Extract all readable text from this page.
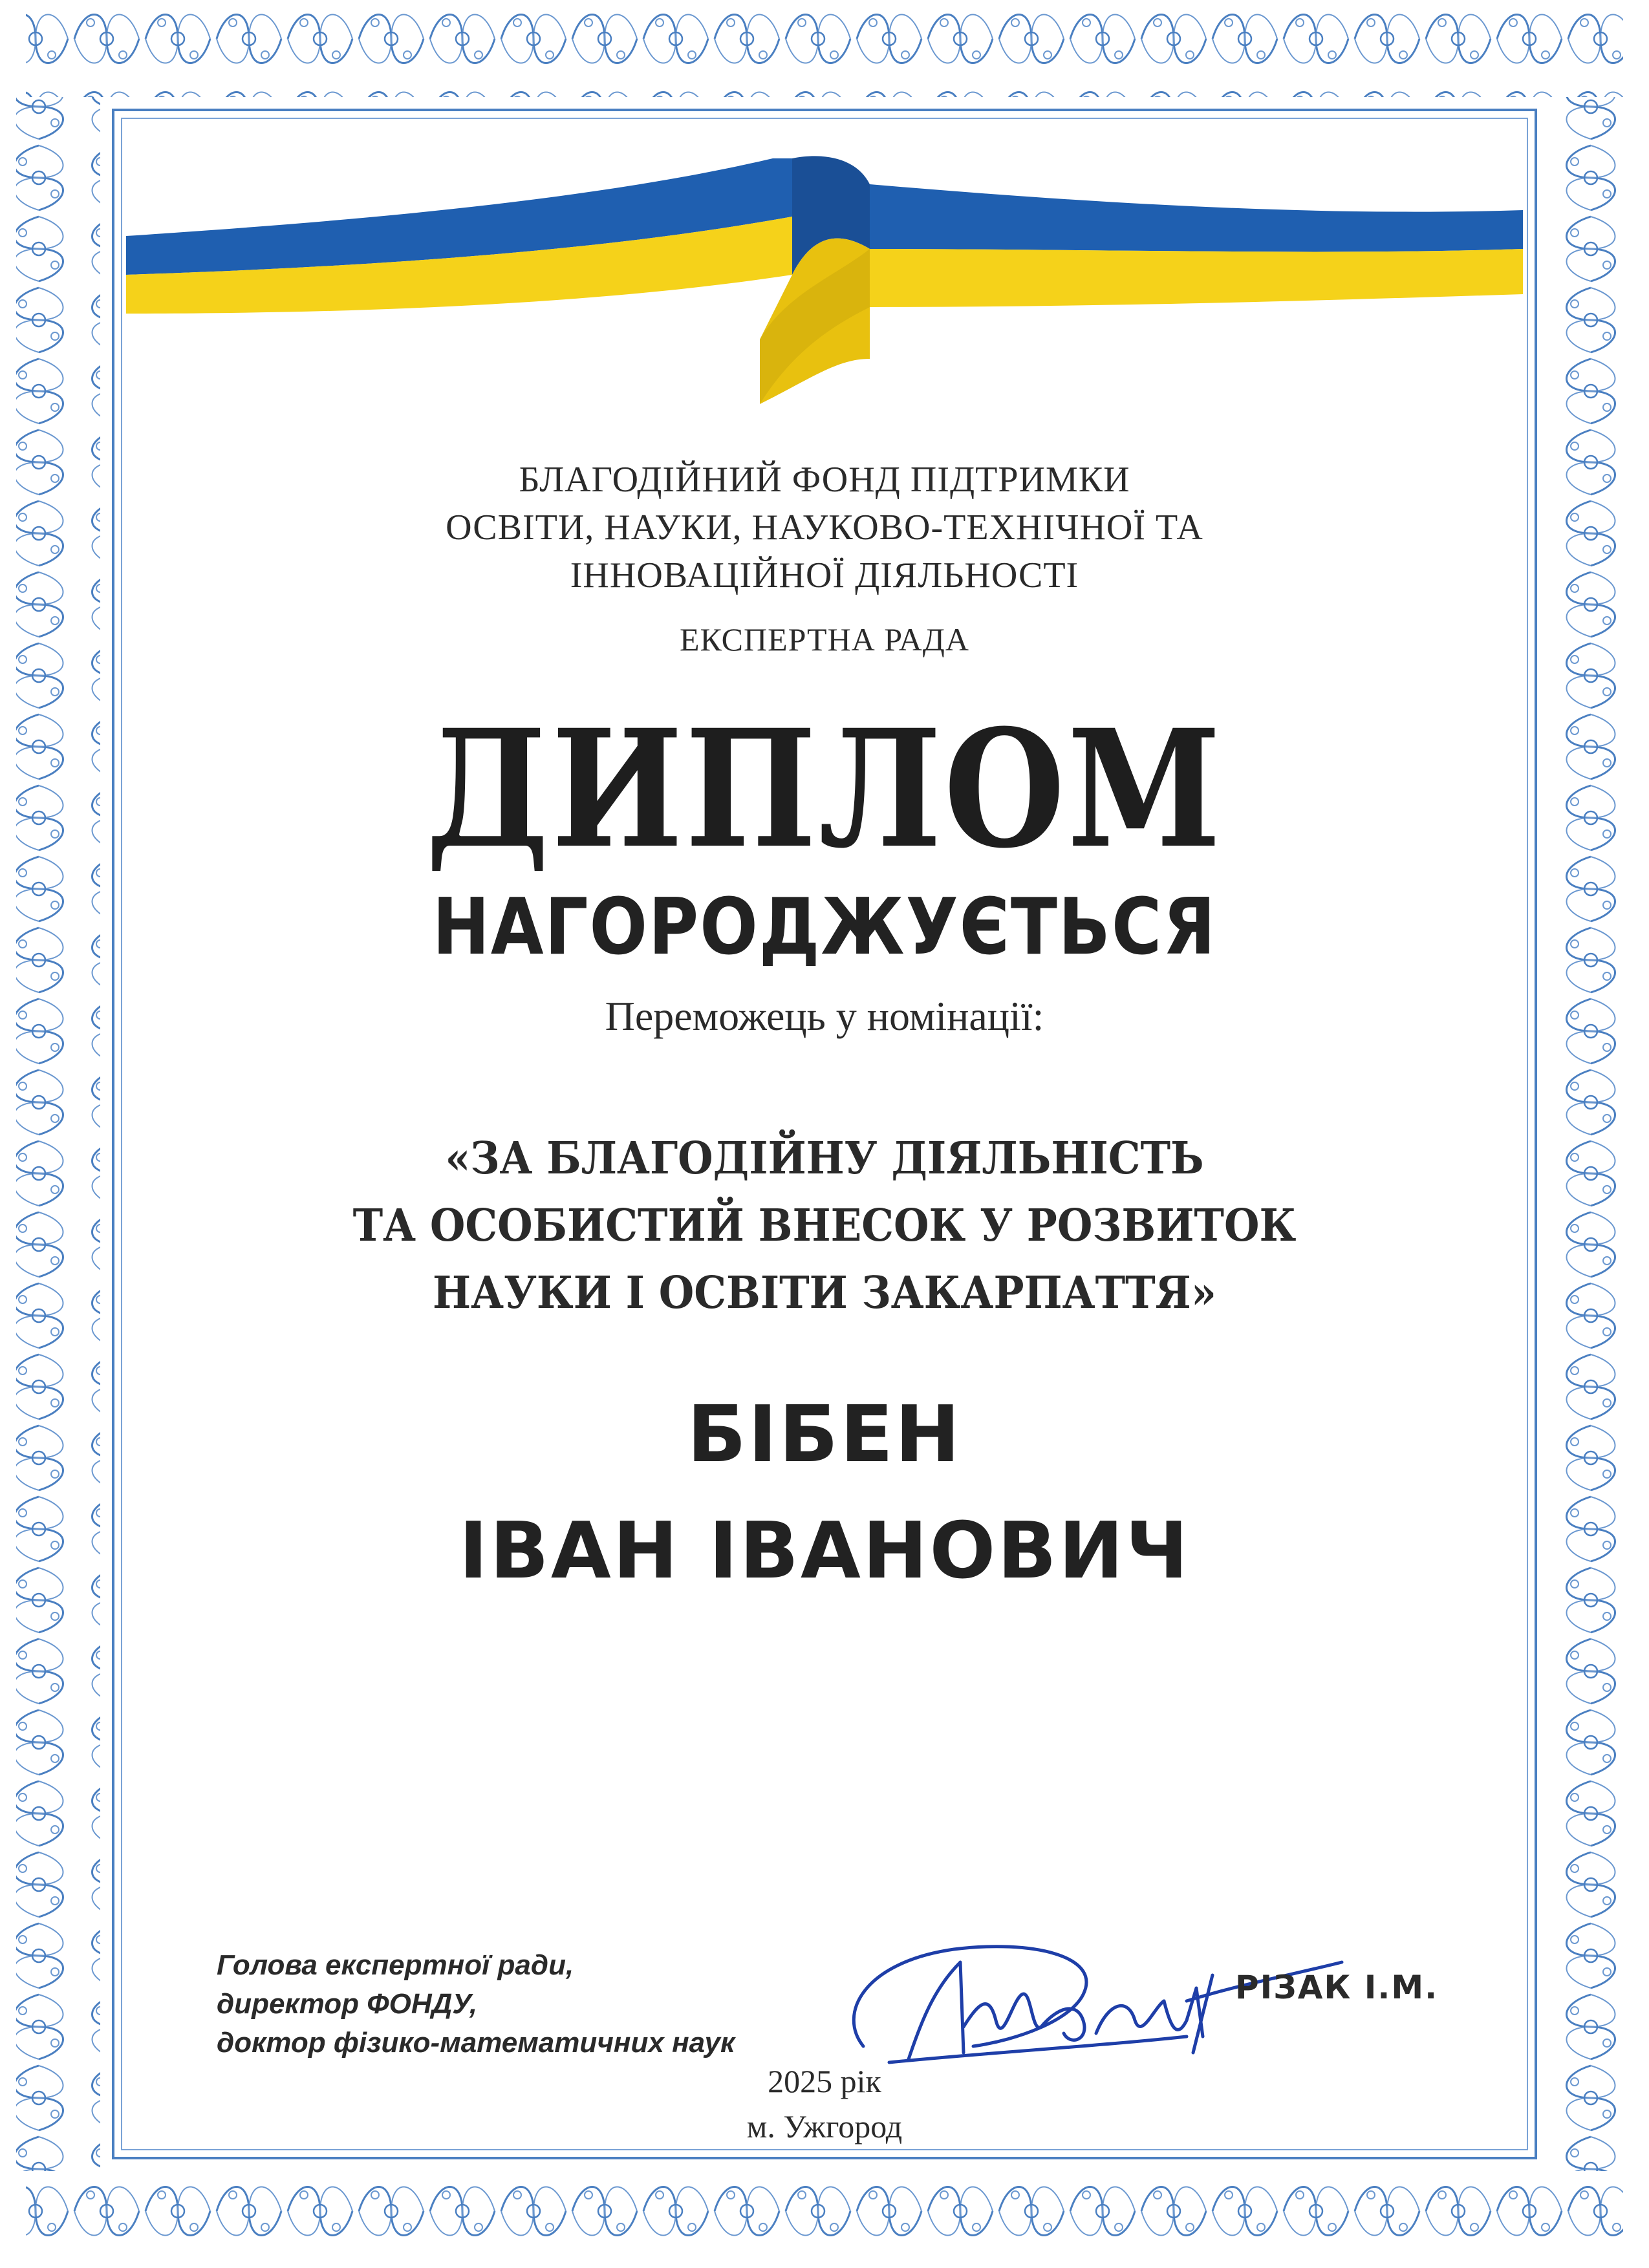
БЛАГОДІЙНИЙ ФОНД ПІДТРИМКИ
ОСВІТИ, НАУКИ, НАУКОВО-ТЕХНІЧНОЇ ТА
ІННОВАЦІЙНОЇ ДІЯЛЬНОСТІ
ЕКСПЕРТНА РАДА
ДИПЛОМ
НАГОРОДЖУЄТЬСЯ
Переможець у номінації:
«ЗА БЛАГОДІЙНУ ДІЯЛЬНІСТЬ
ТА ОСОБИСТИЙ ВНЕСОК У РОЗВИТОК
НАУКИ І ОСВІТИ ЗАКАРПАТТЯ»
БІБЕН
ІВАН ІВАНОВИЧ
Голова експертної ради,
директор ФОНДУ,
доктор фізико-математичних наук
РІЗАК І.М.
2025 рік
м. Ужгород
